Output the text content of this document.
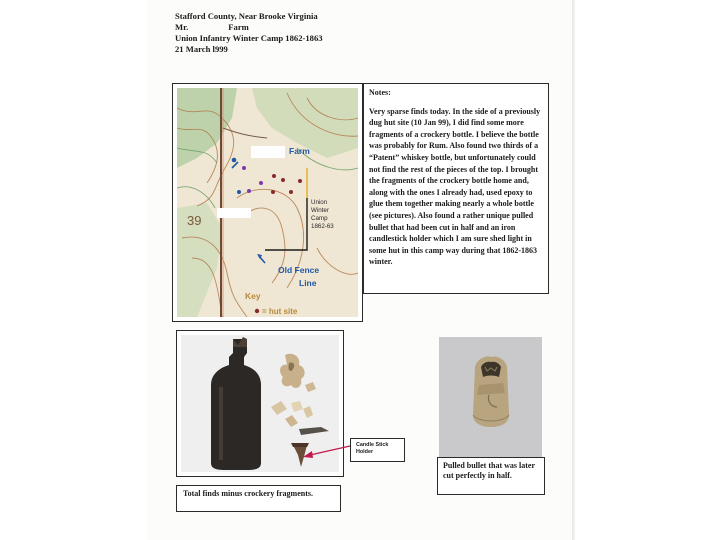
Stafford County, Near Brooke Virginia
Mr.	Farm
Union Infantry Winter Camp 1862-1863
21 March l999
39
Farm
Union
Winter
Camp
1862-63
Old Fence
Line
Key
= hut site
Notes:
Very sparse finds today. In the side of a previously dug hut site (10 Jan 99), I did find some more fragments of a crockery bottle. I believe the bottle was probably for Rum. Also found two thirds of a “Patent” whiskey bottle, but unfortunately could not find the rest of the pieces of the top. I brought the fragments of the crockery bottle home and, along with the ones I already had, used epoxy to glue them together making nearly a whole bottle (see pictures). Also found a rather unique pulled bullet that had been cut in half and an iron candlestick holder which I am sure shed light in some hut in this camp way during that 1862-1863 winter.
Candle Stick Holder
Total finds minus crockery fragments.
Pulled bullet that was later cut perfectly in half.
